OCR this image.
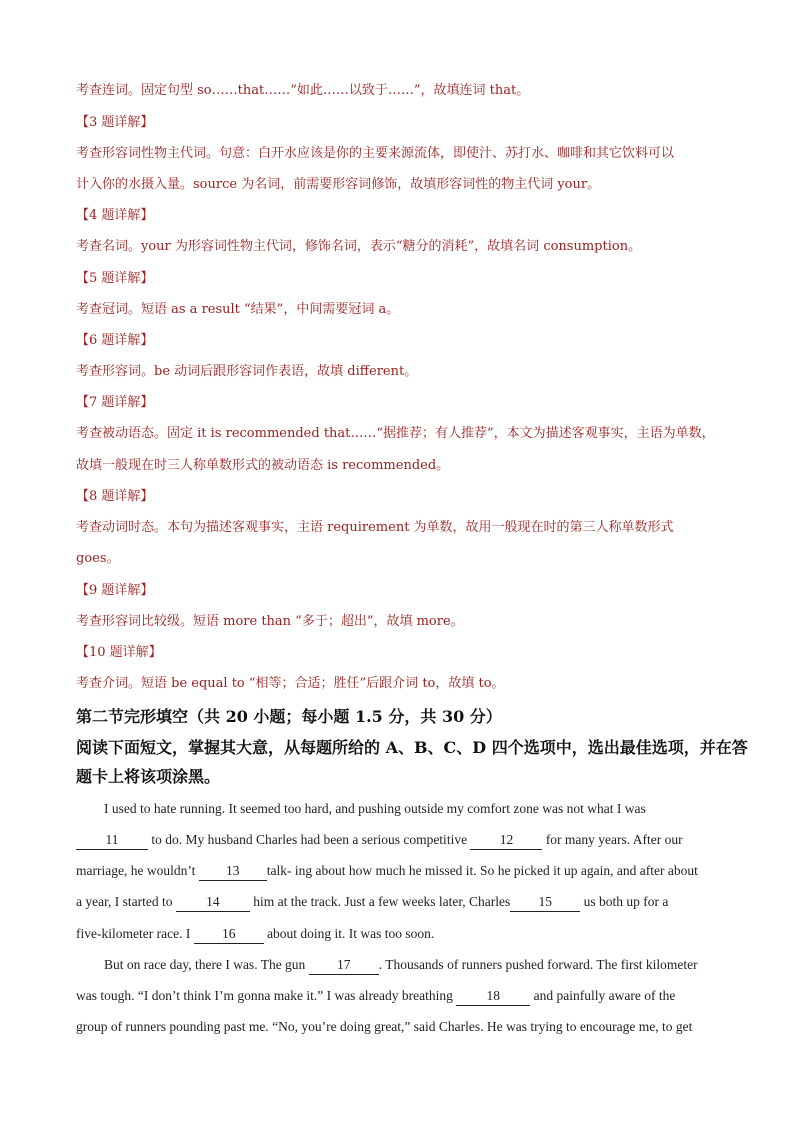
考查连词。固定句型 so……that……“如此……以致于……”，故填连词 that。
【3 题详解】
考查形容词性物主代词。句意：白开水应该是你的主要来源流体，即使汁、苏打水、咖啡和其它饮料可以
计入你的水摄入量。source 为名词，前需要形容词修饰，故填形容词性的物主代词 your。
【4 题详解】
考查名词。your 为形容词性物主代词，修饰名词，表示“糖分的消耗”，故填名词 consumption。
【5 题详解】
考查冠词。短语 as a result “结果”，中间需要冠词 a。
【6 题详解】
考查形容词。be 动词后跟形容词作表语，故填 different。
【7 题详解】
考查被动语态。固定 it is recommended that……“据推荐；有人推荐”，本文为描述客观事实，主语为单数，
故填一般现在时三人称单数形式的被动语态 is recommended。
【8 题详解】
考查动词时态。本句为描述客观事实，主语 requirement 为单数，故用一般现在时的第三人称单数形式
goes。
【9 题详解】
考查形容词比较级。短语 more than “多于；超出”，故填 more。
【10 题详解】
考查介词。短语 be equal to “相等；合适；胜任”后跟介词 to，故填 to。
第二节完形填空（共 20 小题；每小题 1.5 分，共 30 分）
阅读下面短文，掌握其大意，从每题所给的 A、B、C、D 四个选项中，选出最佳选项，并在答
题卡上将该项涂黑。
I used to hate running. It seemed too hard, and pushing outside my comfort zone was not what I was
11 to do. My husband Charles had been a serious competitive 12 for many years. After our
marriage, he wouldn’t 13 talk- ing about how much he missed it. So he picked it up again, and after about
a year, I started to 14 him at the track. Just a few weeks later, Charles 15 us both up for a
five-kilometer race. I 16 about doing it. It was too soon.
But on race day, there I was. The gun 17 . Thousands of runners pushed forward. The first kilometer
was tough. “I don’t think I’m gonna make it.” I was already breathing 18 and painfully aware of the
group of runners pounding past me. “No, you’re doing great,” said Charles. He was trying to encourage me, to get
